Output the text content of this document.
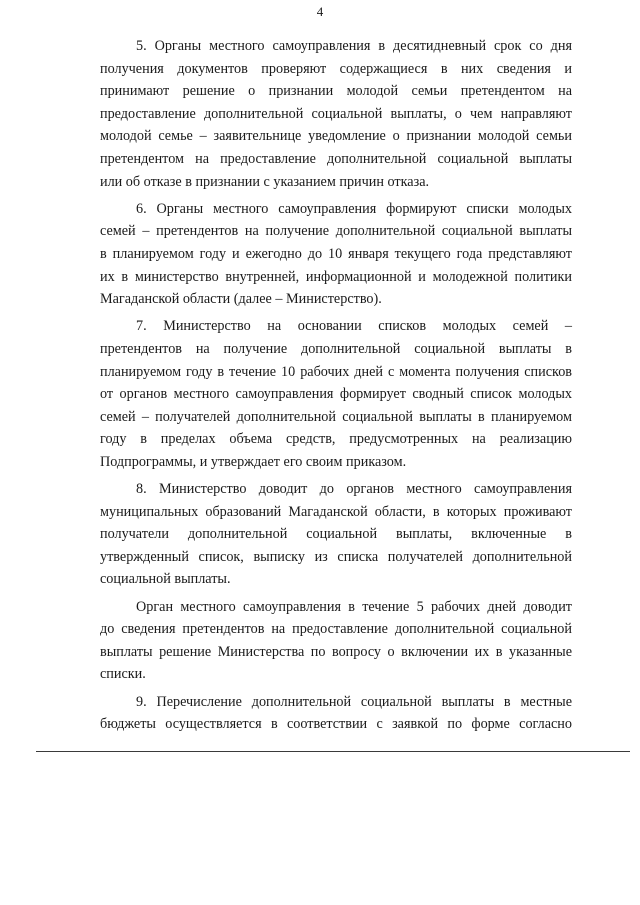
4

5. Органы местного самоуправления в десятидневный срок со дня
получения документов проверяют содержащиеся в них сведения и
принимают решение о признании молодой семьи претендентом на
предоставление дополнительной социальной выплаты, о чем направляют
молодой семье – заявительнице уведомление о признании молодой семьи
претендентом на предоставление дополнительной социальной выплаты
или об отказе в признании с указанием причин отказа.

6. Органы местного самоуправления формируют списки молодых
семей – претендентов на получение дополнительной социальной выплаты
в планируемом году и ежегодно до 10 января текущего года представляют
их в министерство внутренней, информационной и молодежной политики
Магаданской области (далее – Министерство).

7. Министерство на основании списков молодых семей –
претендентов на получение дополнительной социальной выплаты в
планируемом году в течение 10 рабочих дней с момента получения списков
от органов местного самоуправления формирует сводный список молодых
семей – получателей дополнительной социальной выплаты в планируемом
году в пределах объема средств, предусмотренных на реализацию
Подпрограммы, и утверждает его своим приказом.

8. Министерство доводит до органов местного самоуправления
муниципальных образований Магаданской области, в которых проживают
получатели дополнительной социальной выплаты, включенные в
утвержденный список, выписку из списка получателей дополнительной
социальной выплаты.

Орган местного самоуправления в течение 5 рабочих дней доводит
до сведения претендентов на предоставление дополнительной социальной
выплаты решение Министерства по вопросу о включении их в указанные
списки.

9. Перечисление дополнительной социальной выплаты в местные
бюджеты осуществляется в соответствии с заявкой по форме согласно
